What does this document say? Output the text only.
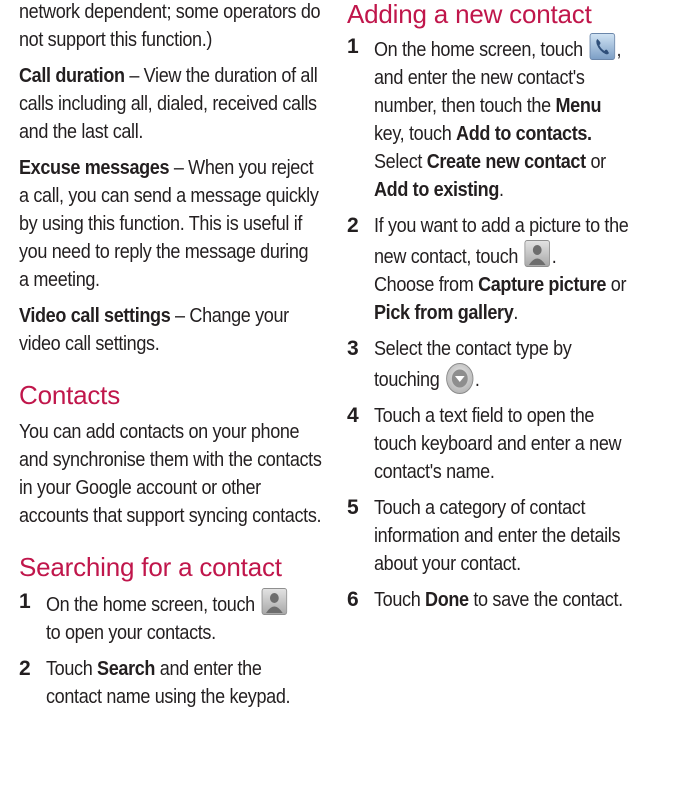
network dependent; some operators do not support this function.)
Call duration – View the duration of all calls including all, dialed, received calls and the last call.
Excuse messages – When you reject a call, you can send a message quickly by using this function. This is useful if you need to reply the message during a meeting.
Video call settings – Change your video call settings.
Contacts
You can add contacts on your phone and synchronise them with the contacts in your Google account or other accounts that support syncing contacts.
Searching for a contact
1 On the home screen, touch
to open your contacts.
2 Touch Search and enter the contact name using the keypad.
Adding a new contact
1 On the home screen, touch , and enter the new contact's number, then touch the Menu key, touch Add to contacts. Select Create new contact or Add to existing.
2 If you want to add a picture to the new contact, touch .
Choose from Capture picture or
Pick from gallery.
3 Select the contact type by touching .
4 Touch a text field to open the touch keyboard and enter a new contact's name.
5 Touch a category of contact information and enter the details about your contact.
6 Touch Done to save the contact.
